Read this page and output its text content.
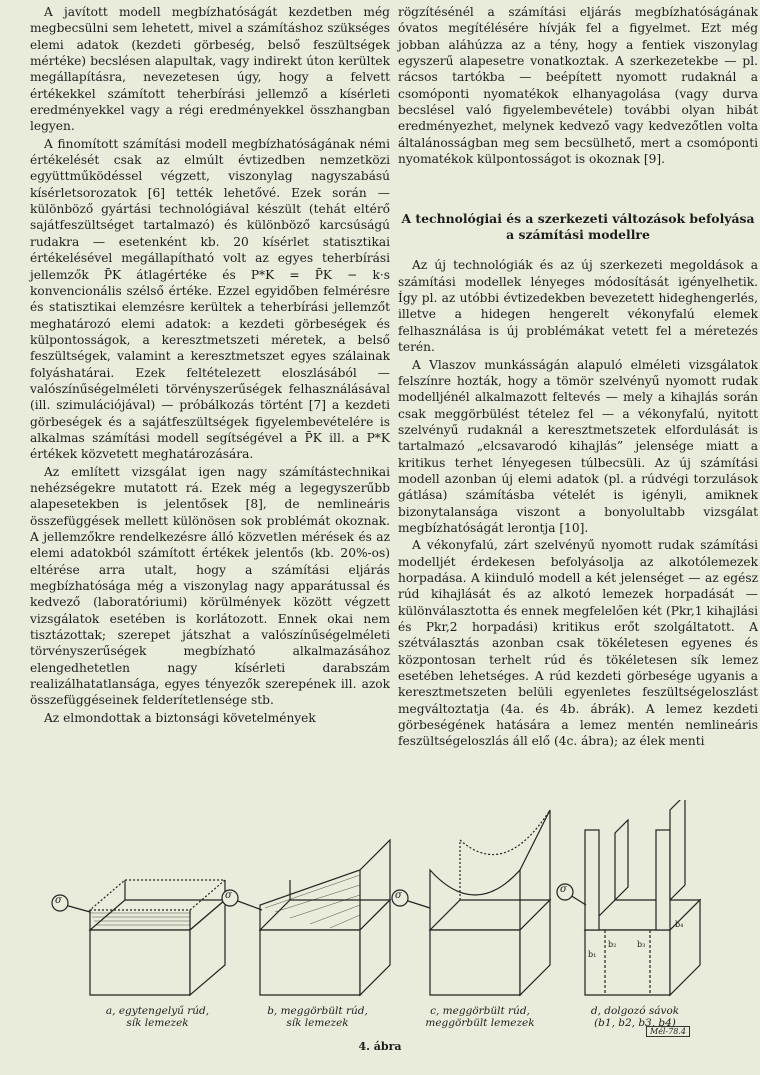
A javított modell megbízhatóságát kezdetben még megbecsülni sem lehetett, mivel a számításhoz szükséges elemi adatok (kezdeti görbeség, belső feszültségek mértéke) becslésen alapultak, vagy indirekt úton kerültek megállapításra, nevezetesen úgy, hogy a felvett értékekkel számított teherbírási jellemző a kísérleti eredményekkel vagy a régi eredményekkel összhangban legyen.

A finomított számítási modell megbízhatóságának némi értékelését csak az elmúlt évtizedben nemzetközi együttműködéssel végzett, viszonylag nagyszabású kísérletsorozatok [6] tették lehetővé. Ezek során — különböző gyártási technológiával készült (tehát eltérő sajátfeszültséget tartalmazó) és különböző karcsúságú rudakra — esetenként kb. 20 kísérlet statisztikai értékelésével megállapítható volt az egyes teherbírási jellemzők P̄K átlagértéke és P*K = P̄K − k·s konvencionális szélső értéke. Ezzel egyidőben felmérésre és statisztikai elemzésre kerültek a teherbírási jellemzőt meghatározó elemi adatok: a kezdeti görbeségek és külpontosságok, a keresztmetszeti méretek, a belső feszültségek, valamint a keresztmetszet egyes szálainak folyáshatárai. Ezek feltételezett eloszlásából — valószínűségelméleti törvényszerűségek felhasználásával (ill. szimulációjával) — próbálkozás történt [7] a kezdeti görbeségek és a sajátfeszültségek figyelembevételére is alkalmas számítási modell segítségével a P̄K ill. a P*K értékek közvetett meghatározására.

Az említett vizsgálat igen nagy számítástechnikai nehézségekre mutatott rá. Ezek még a legegyszerűbb alapesetekben is jelentősek [8], de nemlineáris összefüggések mellett különösen sok problémát okoznak. A jellemzőkre rendelkezésre álló közvetlen mérések és az elemi adatokból számított értékek jelentős (kb. 20%-os) eltérése arra utalt, hogy a számítási eljárás megbízhatósága még a viszonylag nagy apparátussal és kedvező (laboratóriumi) körülmények között végzett vizsgálatok esetében is korlátozott. Ennek okai nem tisztázottak; szerepet játszhat a valószínűségelméleti törvényszerűségek megbízható alkalmazásához elengedhetetlen nagy kísérleti darabszám realizálhatatlansága, egyes tényezők szerepének ill. azok összefüggéseinek felderítetlensége stb.

Az elmondottak a biztonsági követelmények

rögzítésénél a számítási eljárás megbízhatóságának óvatos megítélésére hívják fel a figyelmet. Ezt még jobban aláhúzza az a tény, hogy a fentiek viszonylag egyszerű alapesetre vonatkoztak. A szerkezetekbe — pl. rácsos tartókba — beépített nyomott rudaknál a csomóponti nyomatékok elhanyagolása (vagy durva becslésel való figyelembevétele) további olyan hibát eredményezhet, melynek kedvező vagy kedvezőtlen volta általánosságban meg sem becsülhető, mert a csomóponti nyomatékok külpontosságot is okoznak [9].

A technológiai és a szerkezeti változások befolyása a számítási modellre

Az új technológiák és az új szerkezeti megoldások a számítási modellek lényeges módosítását igényelhetik. Így pl. az utóbbi évtizedekben bevezetett hideghengerlés, illetve a hidegen hengerelt vékonyfalú elemek felhasználása is új problémákat vetett fel a méretezés terén.

A Vlaszov munkásságán alapuló elméleti vizsgálatok felszínre hozták, hogy a tömör szelvényű nyomott rudak modelljénél alkalmazott feltevés — mely a kihajlás során csak meggörbülést tételez fel — a vékonyfalú, nyitott szelvényű rudaknál a keresztmetszetek elfordulását is tartalmazó „elcsavarodó kihajlás” jelensége miatt a kritikus terhet lényegesen túlbecsüli. Az új számítási modell azonban új elemi adatok (pl. a rúdvégi torzulások gátlása) számításba vételét is igényli, amiknek bizonytalansága viszont a bonyolultabb vizsgálat megbízhatóságát lerontja [10].

A vékonyfalú, zárt szelvényű nyomott rudak számítási modelljét érdekesen befolyásolja az alkotólemezek horpadása. A kiinduló modell a két jelenséget — az egész rúd kihajlását és az alkotó lemezek horpadását — különválasztotta és ennek megfelelően két (Pkr,1 kihajlási és Pkr,2 horpadási) kritikus erőt szolgáltatott. A szétválasztás azonban csak tökéletesen egyenes és központosan terhelt rúd és tökéletesen sík lemez esetében lehetséges. A rúd kezdeti görbesége ugyanis a keresztmetszeten belüli egyenletes feszültségeloszlást megváltoztatja (4a. és 4b. ábrák). A lemez kezdeti görbeségének hatására a lemez mentén nemlineáris feszültségeloszlás áll elő (4c. ábra); az élek menti

σ	σ	σ
σ
b₁
b₂	b₃
b₄
a, egytengelyű rúd,
sík lemezek
b, meggörbült rúd,
sík lemezek
c, meggörbült rúd,
meggörbült lemezek
d, dolgozó sávok
(b1, b2, b3, b4)
Mél-78.4
4. ábra
